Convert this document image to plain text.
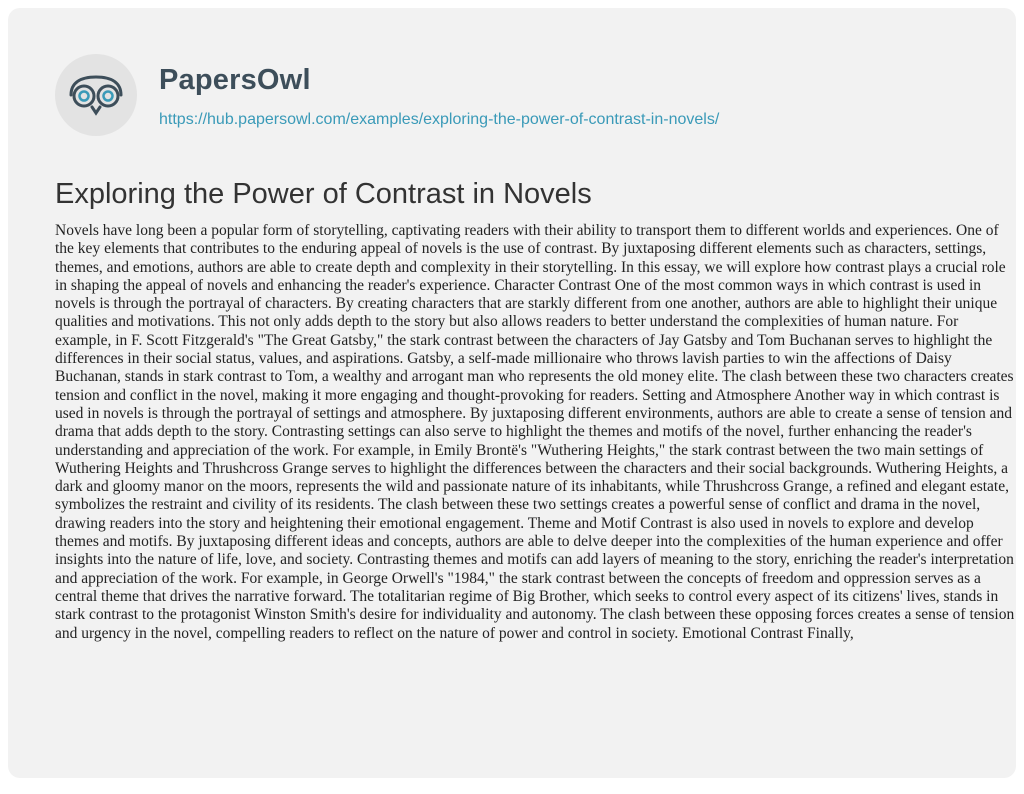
PapersOwl
https://hub.papersowl.com/examples/exploring-the-power-of-contrast-in-novels/
Exploring the Power of Contrast in Novels

Novels have long been a popular form of storytelling, captivating readers with their ability to transport them to different worlds and experiences. One of the key elements that contributes to the enduring appeal of novels is the use of contrast. By juxtaposing different elements such as characters, settings, themes, and emotions, authors are able to create depth and complexity in their storytelling. In this essay, we will explore how contrast plays a crucial role in shaping the appeal of novels and enhancing the reader's experience. Character Contrast One of the most common ways in which contrast is used in novels is through the portrayal of characters. By creating characters that are starkly different from one another, authors are able to highlight their unique qualities and motivations. This not only adds depth to the story but also allows readers to better understand the complexities of human nature. For example, in F. Scott Fitzgerald's "The Great Gatsby," the stark contrast between the characters of Jay Gatsby and Tom Buchanan serves to highlight the differences in their social status, values, and aspirations. Gatsby, a self-made millionaire who throws lavish parties to win the affections of Daisy Buchanan, stands in stark contrast to Tom, a wealthy and arrogant man who represents the old money elite. The clash between these two characters creates tension and conflict in the novel, making it more engaging and thought-provoking for readers. Setting and Atmosphere Another way in which contrast is used in novels is through the portrayal of settings and atmosphere. By juxtaposing different environments, authors are able to create a sense of tension and drama that adds depth to the story. Contrasting settings can also serve to highlight the themes and motifs of the novel, further enhancing the reader's understanding and appreciation of the work. For example, in Emily Brontë's "Wuthering Heights," the stark contrast between the two main settings of Wuthering Heights and Thrushcross Grange serves to highlight the differences between the characters and their social backgrounds. Wuthering Heights, a dark and gloomy manor on the moors, represents the wild and passionate nature of its inhabitants, while Thrushcross Grange, a refined and elegant estate, symbolizes the restraint and civility of its residents. The clash between these two settings creates a powerful sense of conflict and drama in the novel, drawing readers into the story and heightening their emotional engagement. Theme and Motif Contrast is also used in novels to explore and develop themes and motifs. By juxtaposing different ideas and concepts, authors are able to delve deeper into the complexities of the human experience and offer insights into the nature of life, love, and society. Contrasting themes and motifs can add layers of meaning to the story, enriching the reader's interpretation and appreciation of the work. For example, in George Orwell's "1984," the stark contrast between the concepts of freedom and oppression serves as a central theme that drives the narrative forward. The totalitarian regime of Big Brother, which seeks to control every aspect of its citizens' lives, stands in stark contrast to the protagonist Winston Smith's desire for individuality and autonomy. The clash between these opposing forces creates a sense of tension and urgency in the novel, compelling readers to reflect on the nature of power and control in society. Emotional Contrast Finally,
